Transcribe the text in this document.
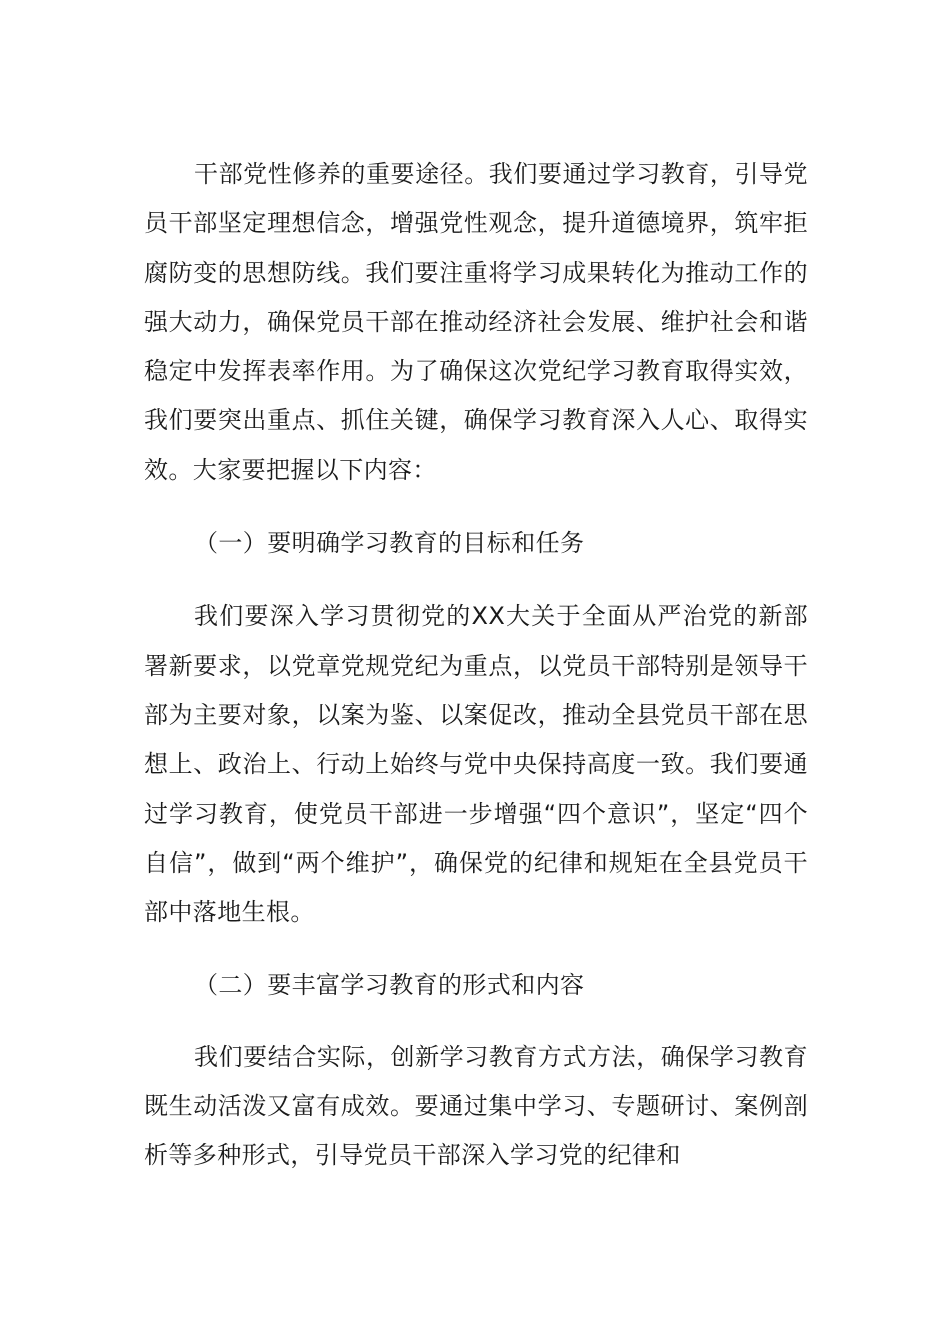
干部党性修养的重要途径。我们要通过学习教育，引导党员干部坚定理想信念，增强党性观念，提升道德境界，筑牢拒腐防变的思想防线。我们要注重将学习成果转化为推动工作的强大动力，确保党员干部在推动经济社会发展、维护社会和谐稳定中发挥表率作用。为了确保这次党纪学习教育取得实效，我们要突出重点、抓住关键，确保学习教育深入人心、取得实效。大家要把握以下内容：

（一）要明确学习教育的目标和任务

我们要深入学习贯彻党的XX大关于全面从严治党的新部署新要求，以党章党规党纪为重点，以党员干部特别是领导干部为主要对象，以案为鉴、以案促改，推动全县党员干部在思想上、政治上、行动上始终与党中央保持高度一致。我们要通过学习教育，使党员干部进一步增强“四个意识”，坚定“四个自信”，做到“两个维护”，确保党的纪律和规矩在全县党员干部中落地生根。

（二）要丰富学习教育的形式和内容

我们要结合实际，创新学习教育方式方法，确保学习教育既生动活泼又富有成效。要通过集中学习、专题研讨、案例剖析等多种形式，引导党员干部深入学习党的纪律和
